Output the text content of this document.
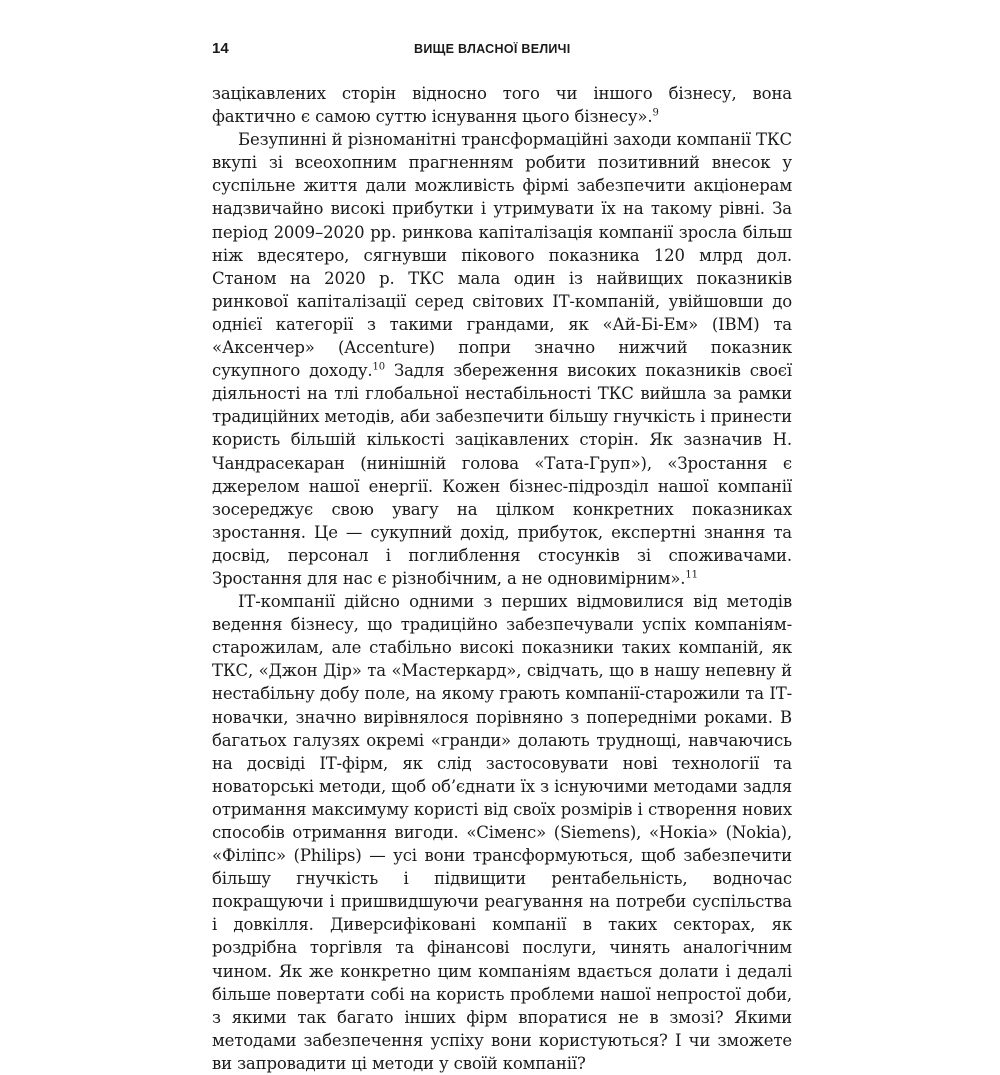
14	ВИЩЕ ВЛАСНОЇ ВЕЛИЧІ

зацікавлених сторін відносно того чи іншого бізнесу, вона фактично є самою суттю існування цього бізнесу».$^9$

Безупинні й різноманітні трансформаційні заходи компанії ТКС вкупі зі всеохопним прагненням робити позитивний внесок у суспільне життя дали можливість фірмі забезпечити акціонерам надзвичайно високі прибутки і утримувати їх на такому рівні. За період 2009–2020 рр. ринкова капіталізація компанії зросла більш ніж вдесятеро, сягнувши пікового показника 120 млрд дол. Станом на 2020 р. ТКС мала один із найвищих показників ринкової капіталізації серед світових ІТ-компаній, увійшовши до однієї категорії з такими грандами, як «Ай-Бі-Ем» (IBM) та «Аксенчер» (Accenture) попри значно нижчий показник сукупного доходу.$^{10}$ Задля збереження високих показників своєї діяльності на тлі глобальної нестабільності ТКС вийшла за рамки традиційних методів, аби забезпечити більшу гнучкість і принести користь більшій кількості зацікавлених сторін. Як зазначив Н. Чандрасекаран (нинішній голова «Тата-Груп»), «Зростання є джерелом нашої енергії. Кожен бізнес-підрозділ нашої компанії зосереджує свою увагу на цілком конкретних показниках зростання. Це — сукупний дохід, прибуток, експертні знання та досвід, персонал і поглиблення стосунків зі споживачами. Зростання для нас є різнобічним, а не одновимірним».$^{11}$

ІТ-компанії дійсно одними з перших відмовилися від методів ведення бізнесу, що традиційно забезпечували успіх компаніям-старожилам, але стабільно високі показники таких компаній, як ТКС, «Джон Дір» та «Мастеркард», свідчать, що в нашу непевну й нестабільну добу поле, на якому грають компанії-старожили та ІТ-новачки, значно вирівнялося порівняно з попередніми роками. В багатьох галузях окремі «гранди» долають труднощі, навчаючись на досвіді ІТ-фірм, як слід застосовувати нові технології та новаторські методи, щоб об’єднати їх з існуючими методами задля отримання максимуму користі від своїх розмірів і створення нових способів отримання вигоди. «Сіменс» (Siemens), «Нокіа» (Nokia), «Філіпс» (Philips) — усі вони трансформуються, щоб забезпечити більшу гнучкість і підвищити рентабельність, водночас покращуючи і пришвидшуючи реагування на потреби суспільства і довкілля. Диверсифіковані компанії в таких секторах, як роздрібна торгівля та фінансові послуги, чинять аналогічним чином. Як же конкретно цим компаніям вдається долати і дедалі більше повертати собі на користь проблеми нашої непростої доби, з якими так багато інших фірм впоратися не в змозі? Якими методами забезпечення успіху вони користуються? І чи зможете ви запровадити ці методи у своїй компанії?
